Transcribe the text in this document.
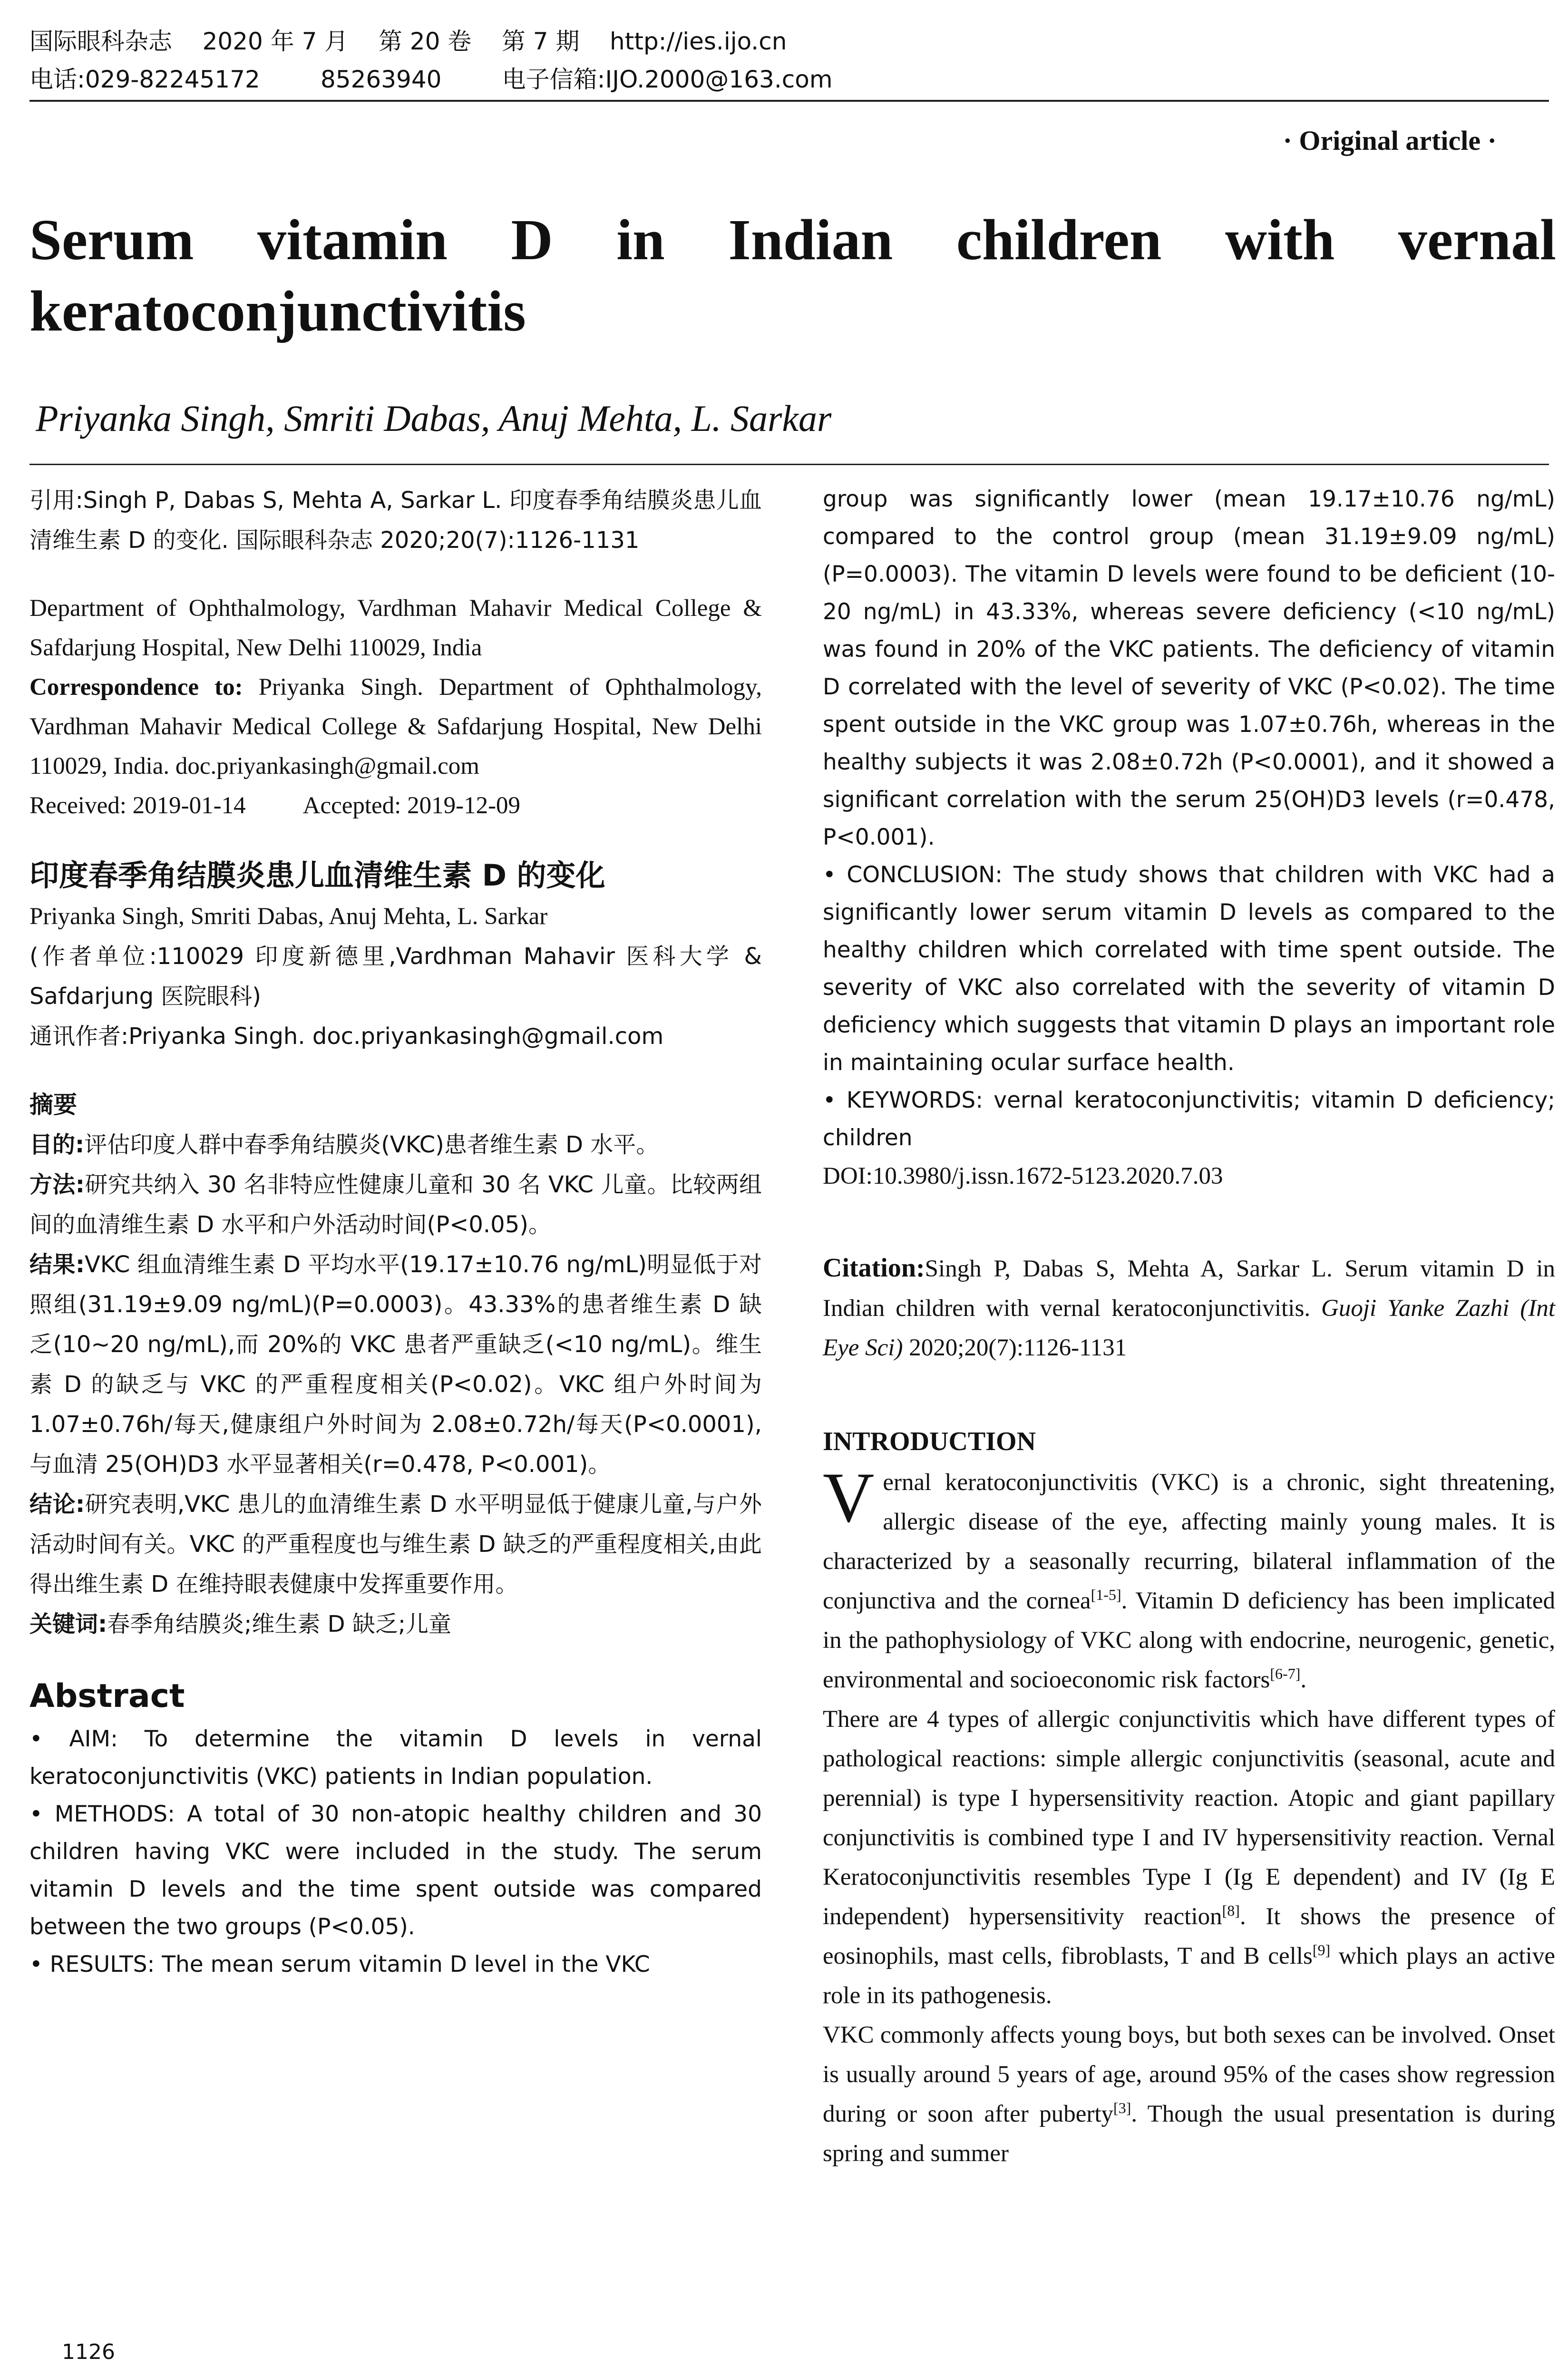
国际眼科杂志    2020 年 7 月    第 20 卷    第 7 期    http://ies.ijo.cn
电话:029-82245172        85263940        电子信箱:IJO.2000@163.com
· Original article ·
Serum vitamin D in Indian children with vernal keratoconjunctivitis
Priyanka Singh, Smriti Dabas, Anuj Mehta, L. Sarkar

引用:Singh P, Dabas S, Mehta A, Sarkar L. 印度春季角结膜炎患儿血清维生素 D 的变化. 国际眼科杂志 2020;20(7):1126-1131

Department of Ophthalmology, Vardhman Mahavir Medical College & Safdarjung Hospital, New Delhi 110029, India

Correspondence to: Priyanka Singh. Department of Ophthalmology, Vardhman Mahavir Medical College & Safdarjung Hospital, New Delhi 110029, India. doc.priyankasingh@gmail.com

Received: 2019-01-14 Accepted: 2019-12-09
印度春季角结膜炎患儿血清维生素 D 的变化

Priyanka Singh, Smriti Dabas, Anuj Mehta, L. Sarkar

(作者单位:110029 印度新德里,Vardhman Mahavir 医科大学 & Safdarjung 医院眼科)

通讯作者:Priyanka Singh. doc.priyankasingh@gmail.com

摘要

目的:评估印度人群中春季角结膜炎(VKC)患者维生素 D 水平。

方法:研究共纳入 30 名非特应性健康儿童和 30 名 VKC 儿童。比较两组间的血清维生素 D 水平和户外活动时间(P<0.05)。

结果:VKC 组血清维生素 D 平均水平(19.17±10.76 ng/mL)明显低于对照组(31.19±9.09 ng/mL)(P=0.0003)。43.33%的患者维生素 D 缺乏(10~20 ng/mL),而 20%的 VKC 患者严重缺乏(<10 ng/mL)。维生素 D 的缺乏与 VKC 的严重程度相关(P<0.02)。VKC 组户外时间为 1.07±0.76h/每天,健康组户外时间为 2.08±0.72h/每天(P<0.0001),与血清 25(OH)D3 水平显著相关(r=0.478, P<0.001)。

结论:研究表明,VKC 患儿的血清维生素 D 水平明显低于健康儿童,与户外活动时间有关。VKC 的严重程度也与维生素 D 缺乏的严重程度相关,由此得出维生素 D 在维持眼表健康中发挥重要作用。

关键词:春季角结膜炎;维生素 D 缺乏;儿童

Abstract

• AIM: To determine the vitamin D levels in vernal keratoconjunctivitis (VKC) patients in Indian population.

• METHODS: A total of 30 non-atopic healthy children and 30 children having VKC were included in the study. The serum vitamin D levels and the time spent outside was compared between the two groups (P<0.05).

• RESULTS: The mean serum vitamin D level in the VKC

group was significantly lower (mean 19.17±10.76 ng/mL) compared to the control group (mean 31.19±9.09 ng/mL) (P=0.0003). The vitamin D levels were found to be deficient (10-20 ng/mL) in 43.33%, whereas severe deficiency (<10 ng/mL) was found in 20% of the VKC patients. The deficiency of vitamin D correlated with the level of severity of VKC (P<0.02). The time spent outside in the VKC group was 1.07±0.76h, whereas in the healthy subjects it was 2.08±0.72h (P<0.0001), and it showed a significant correlation with the serum 25(OH)D3 levels (r=0.478, P<0.001).

• CONCLUSION: The study shows that children with VKC had a significantly lower serum vitamin D levels as compared to the healthy children which correlated with time spent outside. The severity of VKC also correlated with the severity of vitamin D deficiency which suggests that vitamin D plays an important role in maintaining ocular surface health.

• KEYWORDS: vernal keratoconjunctivitis; vitamin D deficiency; children

DOI:10.3980/j.issn.1672-5123.2020.7.03

Citation:Singh P, Dabas S, Mehta A, Sarkar L. Serum vitamin D in Indian children with vernal keratoconjunctivitis. Guoji Yanke Zazhi (Int Eye Sci) 2020;20(7):1126-1131

INTRODUCTION

Vernal keratoconjunctivitis (VKC) is a chronic, sight threatening, allergic disease of the eye, affecting mainly young males. It is characterized by a seasonally recurring, bilateral inflammation of the conjunctiva and the cornea[1-5]. Vitamin D deficiency has been implicated in the pathophysiology of VKC along with endocrine, neurogenic, genetic, environmental and socioeconomic risk factors[6-7].

There are 4 types of allergic conjunctivitis which have different types of pathological reactions: simple allergic conjunctivitis (seasonal, acute and perennial) is type I hypersensitivity reaction. Atopic and giant papillary conjunctivitis is combined type I and IV hypersensitivity reaction. Vernal Keratoconjunctivitis resembles Type I (Ig E dependent) and IV (Ig E independent) hypersensitivity reaction[8]. It shows the presence of eosinophils, mast cells, fibroblasts, T and B cells[9] which plays an active role in its pathogenesis.

VKC commonly affects young boys, but both sexes can be involved. Onset is usually around 5 years of age, around 95% of the cases show regression during or soon after puberty[3]. Though the usual presentation is during spring and summer

1126
